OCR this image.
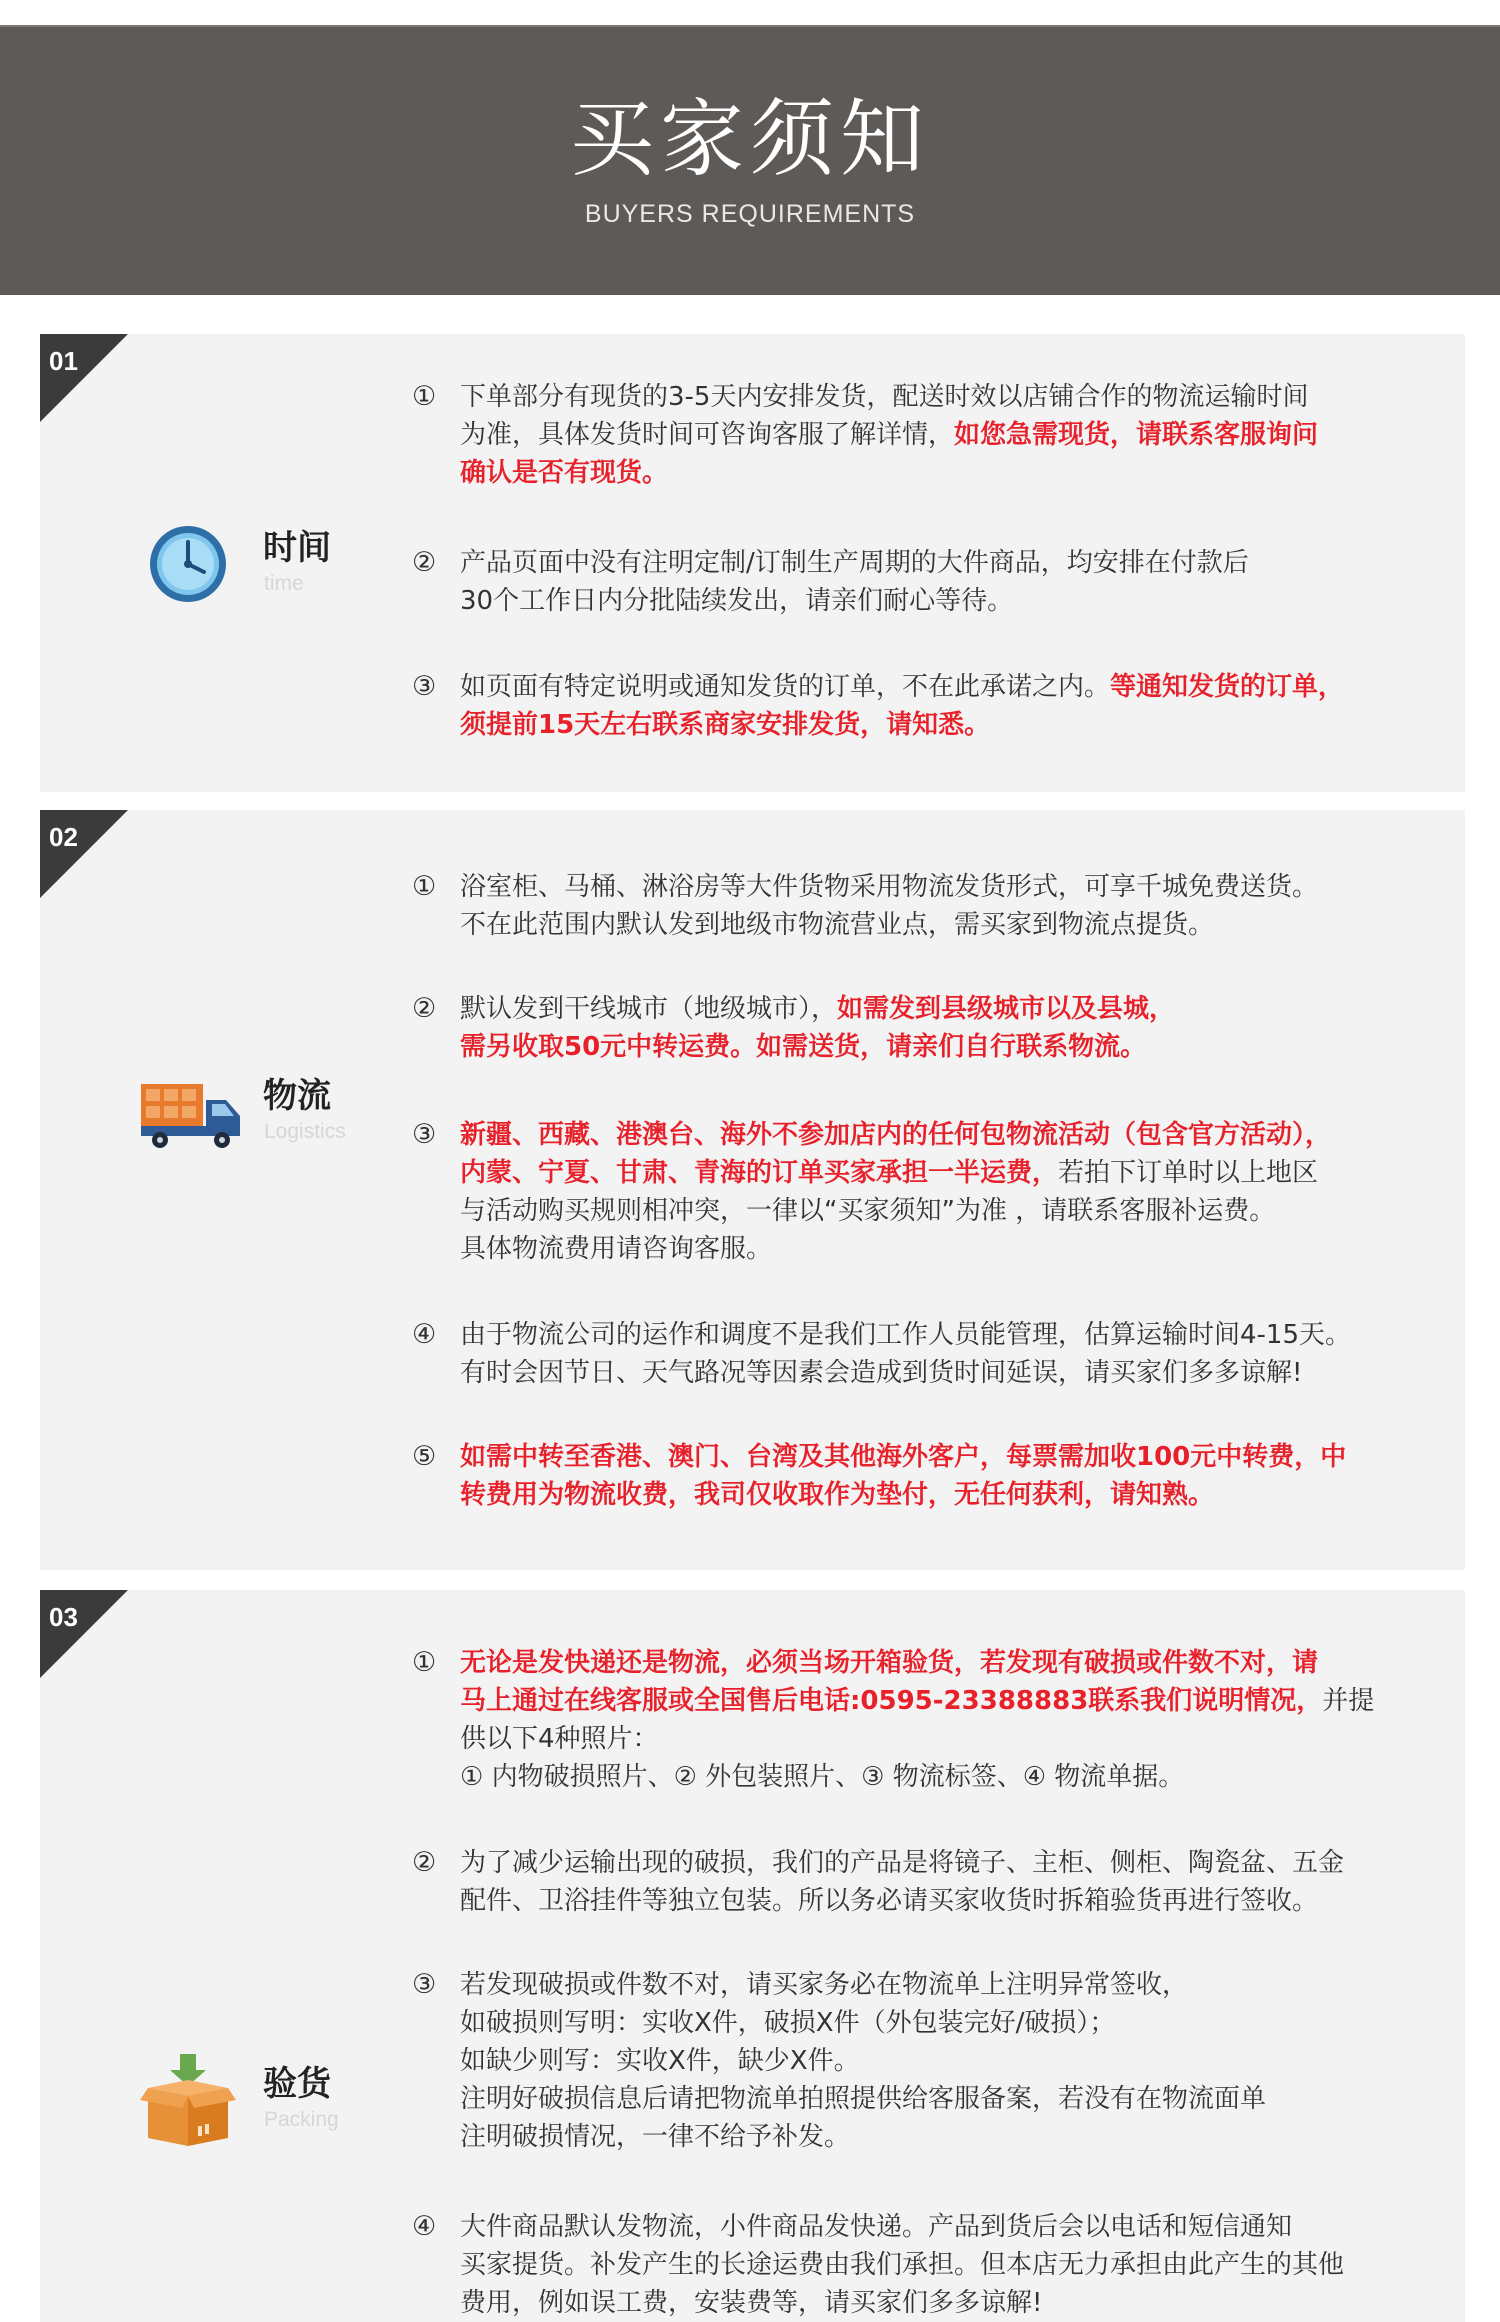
买家须知
BUYERS REQUIREMENTS
01
时间
time
① 下单部分有现货的3-5天内安排发货，配送时效以店铺合作的物流运输时间
为准，具体发货时间可咨询客服了解详情，如您急需现货，请联系客服询问
确认是否有现货。
② 产品页面中没有注明定制/订制生产周期的大件商品，均安排在付款后
30个工作日内分批陆续发出，请亲们耐心等待。
③ 如页面有特定说明或通知发货的订单，不在此承诺之内。等通知发货的订单，
须提前15天左右联系商家安排发货，请知悉。
02
物流
Logistics
① 浴室柜、马桶、淋浴房等大件货物采用物流发货形式，可享千城免费送货。
不在此范围内默认发到地级市物流营业点，需买家到物流点提货。
② 默认发到干线城市（地级城市），如需发到县级城市以及县城，
需另收取50元中转运费。如需送货，请亲们自行联系物流。
③ 新疆、西藏、港澳台、海外不参加店内的任何包物流活动（包含官方活动），
内蒙、宁夏、甘肃、青海的订单买家承担一半运费，若拍下订单时以上地区
与活动购买规则相冲突，一律以“买家须知”为准 ，请联系客服补运费。
具体物流费用请咨询客服。
④ 由于物流公司的运作和调度不是我们工作人员能管理，估算运输时间4-15天。
有时会因节日、天气路况等因素会造成到货时间延误，请买家们多多谅解!
⑤ 如需中转至香港、澳门、台湾及其他海外客户，每票需加收100元中转费，中
转费用为物流收费，我司仅收取作为垫付，无任何获利，请知熟。
03
验货
Packing
① 无论是发快递还是物流，必须当场开箱验货，若发现有破损或件数不对，请
马上通过在线客服或全国售后电话:0595-23388883联系我们说明情况，并提
供以下4种照片：
① 内物破损照片、② 外包装照片、③ 物流标签、④ 物流单据。
② 为了减少运输出现的破损，我们的产品是将镜子、主柜、侧柜、陶瓷盆、五金
配件、卫浴挂件等独立包装。所以务必请买家收货时拆箱验货再进行签收。
③ 若发现破损或件数不对，请买家务必在物流单上注明异常签收，
如破损则写明：实收X件，破损X件（外包装完好/破损）；
如缺少则写：实收X件，缺少X件。
注明好破损信息后请把物流单拍照提供给客服备案，若没有在物流面单
注明破损情况，一律不给予补发。
④ 大件商品默认发物流，小件商品发快递。产品到货后会以电话和短信通知
买家提货。补发产生的长途运费由我们承担。但本店无力承担由此产生的其他
费用，例如误工费，安装费等，请买家们多多谅解!
